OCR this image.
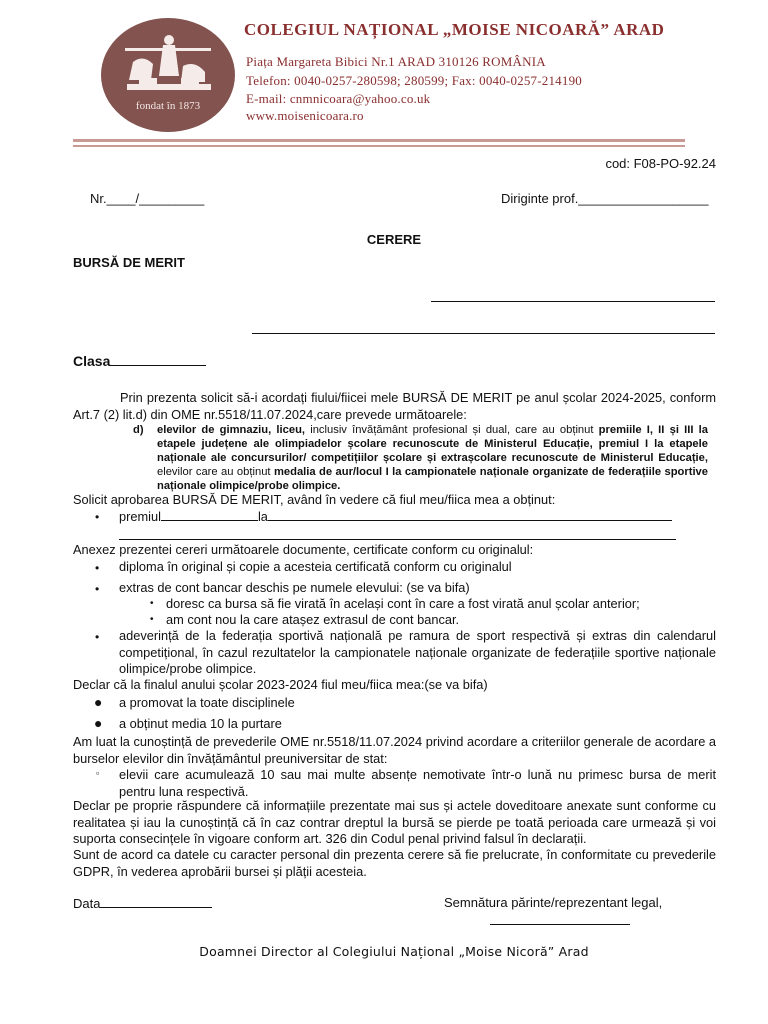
fondat în 1873
COLEGIUL NAȚIONAL „MOISE NICOARĂ” ARAD
Piața Margareta Bibici Nr.1 ARAD 310126 ROMÂNIA
Telefon: 0040-0257-280598; 280599; Fax: 0040-0257-214190
E-mail: cnmnicoara@yahoo.co.uk
www.moisenicoara.ro
cod: F08-PO-92.24
Nr.____/_________	Diriginte prof.__________________
CERERE
BURSĂ DE MERIT
Clasa
Prin prezenta solicit să-i acordați fiului/fiicei mele BURSĂ DE MERIT pe anul școlar 2024-2025, conform Art.7 (2) lit.d) din OME nr.5518/11.07.2024,care prevede următoarele:
d) elevilor de gimnaziu, liceu, inclusiv învățământ profesional și dual, care au obținut premiile I, II și III la etapele județene ale olimpiadelor școlare recunoscute de Ministerul Educație, premiul I la etapele naționale ale concursurilor/ competițiilor școlare și extrașcolare recunoscute de Ministerul Educație, elevilor care au obținut medalia de aur/locul I la campionatele naționale organizate de federațiile sportive naționale olimpice/probe olimpice.
Solicit aprobarea BURSĂ DE MERIT, având în vedere că fiul meu/fiica mea a obținut:
• premiul	la
Anexez prezentei cereri următoarele documente, certificate conform cu originalul:
• diploma în original și copie a acesteia certificată conform cu originalul
• extras de cont bancar deschis pe numele elevului: (se va bifa)
• doresc ca bursa să fie virată în același cont în care a fost virată anul școlar anterior;
• am cont nou la care atașez extrasul de cont bancar.
• adeverință de la federația sportivă națională pe ramura de sport respectivă și extras din calendarul competițional, în cazul rezultatelor la campionatele naționale organizate de federațiile sportive naționale olimpice/probe olimpice.
Declar că la finalul anului școlar 2023-2024 fiul meu/fiica mea:(se va bifa)
● a promovat la toate disciplinele
● a obținut media 10 la purtare
Am luat la cunoștință de prevederile OME nr.5518/11.07.2024 privind acordare a criteriilor generale de acordare a burselor elevilor din învățământul preuniversitar de stat:
▫ elevii care acumulează 10 sau mai multe absențe nemotivate într-o lună nu primesc bursa de merit pentru luna respectivă.
Declar pe proprie răspundere că informațiile prezentate mai sus și actele doveditoare anexate sunt conforme cu realitatea și iau la cunoștință că în caz contrar dreptul la bursă se pierde pe toată perioada care urmează și voi suporta consecințele în vigoare conform art. 326 din Codul penal privind falsul în declarații.
Sunt de acord ca datele cu caracter personal din prezenta cerere să fie prelucrate, în conformitate cu prevederile GDPR, în vederea aprobării bursei și plății acesteia.
Data	Semnătura părinte/reprezentant legal,
Doamnei Director al Colegiului Național „Moise Nicoră” Arad
